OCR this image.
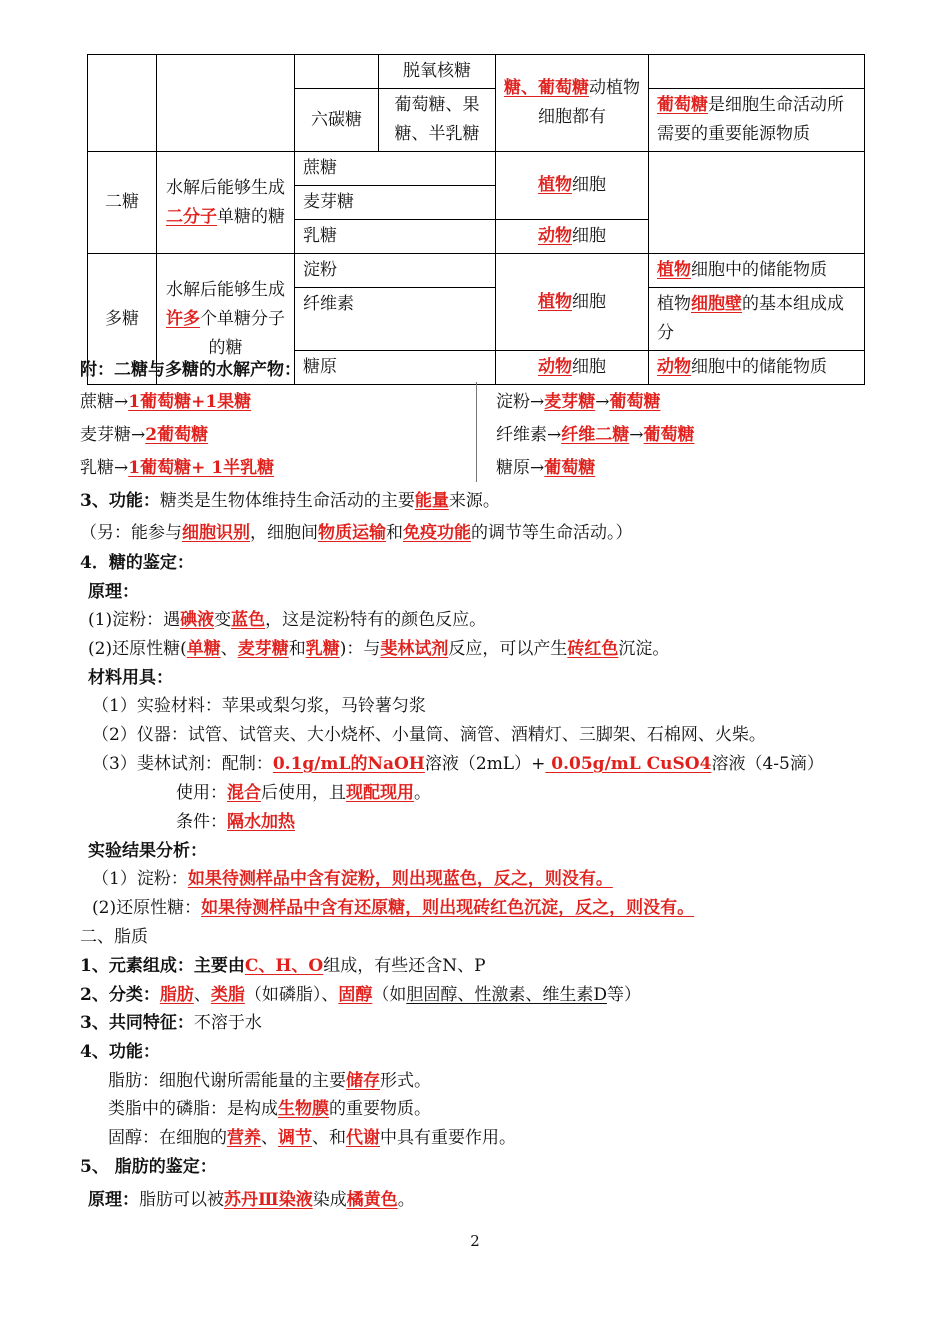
			脱氧核糖	糖、葡萄糖动植物细胞都有	
		六碳糖	葡萄糖、果糖、半乳糖		葡萄糖是细胞生命活动所需要的重要能源物质
二糖	水解后能够生成二分子单糖的糖	蔗糖		植物细胞	
		麦芽糖			
		乳糖		动物细胞	
多糖	水解后能够生成许多个单糖分子的糖	淀粉		植物细胞	植物细胞中的储能物质
		纤维素			植物细胞壁的基本组成成分
		糖原		动物细胞	动物细胞中的储能物质
附：二糖与多糖的水解产物：
蔗糖→1葡萄糖+1果糖
麦芽糖→2葡萄糖
乳糖→1葡萄糖+ 1半乳糖
淀粉→麦芽糖→葡萄糖
纤维素→纤维二糖→葡萄糖
糖原→葡萄糖
3、功能：糖类是生物体维持生命活动的主要能量来源。
（另：能参与细胞识别，细胞间物质运输和免疫功能的调节等生命活动。）
4．糖的鉴定：
原理：
(1)淀粉：遇碘液变蓝色，这是淀粉特有的颜色反应。
(2)还原性糖(单糖、麦芽糖和乳糖)：与斐林试剂反应，可以产生砖红色沉淀。
材料用具：
（1）实验材料：苹果或梨匀浆，马铃薯匀浆
（2）仪器：试管、试管夹、大小烧杯、小量筒、滴管、酒精灯、三脚架、石棉网、火柴。
（3）斐林试剂：配制：0.1g/mL的NaOH溶液（2mL）+ 0.05g/mL CuSO4溶液（4-5滴）
使用：混合后使用，且现配现用。
条件：隔水加热
实验结果分析：
（1）淀粉：如果待测样品中含有淀粉，则出现蓝色，反之，则没有。
(2)还原性糖：如果待测样品中含有还原糖，则出现砖红色沉淀，反之，则没有。
二、脂质
1、元素组成：主要由C、H、O组成，有些还含N、P
2、分类：脂肪、类脂（如磷脂）、固醇（如胆固醇、性激素、维生素D等）
3、共同特征：不溶于水
4、功能：
脂肪：细胞代谢所需能量的主要储存形式。
类脂中的磷脂：是构成生物膜的重要物质。
固醇：在细胞的营养、调节、和代谢中具有重要作用。
5、 脂肪的鉴定：
原理：脂肪可以被苏丹Ⅲ染液染成橘黄色。
2
